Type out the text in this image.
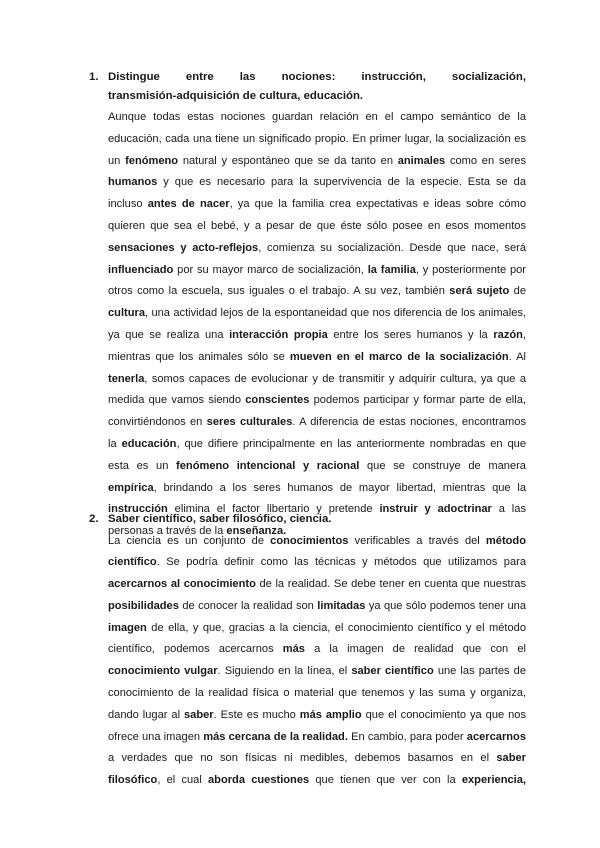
1. Distingue entre las nociones: instrucción, socialización,
transmisión-adquisición de cultura, educación.
Aunque todas estas nociones guardan relación en el campo semántico de la
educación, cada una tiene un significado propio. En primer lugar, la socialización es
un fenómeno natural y espontáneo que se da tanto en animales como en seres
humanos y que es necesario para la supervivencia de la especie. Esta se da
incluso antes de nacer, ya que la familia crea expectativas e ideas sobre cómo
quieren que sea el bebé, y a pesar de que éste sólo posee en esos momentos
sensaciones y acto-reflejos, comienza su socialización. Desde que nace, será
influenciado por su mayor marco de socialización, la familia, y posteriormente por
otros como la escuela, sus iguales o el trabajo. A su vez, también será sujeto de
cultura, una actividad lejos de la espontaneidad que nos diferencia de los animales,
ya que se realiza una interacción propia entre los seres humanos y la razón,
mientras que los animales sólo se mueven en el marco de la socialización. Al
tenerla, somos capaces de evolucionar y de transmitir y adquirir cultura, ya que a
medida que vamos siendo conscientes podemos participar y formar parte de ella,
convirtiéndonos en seres culturales. A diferencia de estas nociones, encontramos
la educación, que difiere principalmente en las anteriormente nombradas en que
esta es un fenómeno intencional y racional que se construye de manera
empírica, brindando a los seres humanos de mayor libertad, mientras que la
instrucción elimina el factor libertario y pretende instruir y adoctrinar a las
personas a través de la enseñanza.
2. Saber científico, saber filosófico, ciencia.
La ciencia es un conjunto de conocimientos verificables a través del método
científico. Se podría definir como las técnicas y métodos que utilizamos para
acercarnos al conocimiento de la realidad. Se debe tener en cuenta que nuestras
posibilidades de conocer la realidad son limitadas ya que sólo podemos tener una
imagen de ella, y que, gracias a la ciencia, el conocimiento científico y el método
científico, podemos acercarnos más a la imagen de realidad que con el
conocimiento vulgar. Siguiendo en la línea, el saber científico une las partes de
conocimiento de la realidad física o material que tenemos y las suma y organiza,
dando lugar al saber. Este es mucho más amplio que el conocimiento ya que nos
ofrece una imagen más cercana de la realidad. En cambio, para poder acercarnos
a verdades que no son físicas ni medibles, debemos basarnos en el saber
filosófico, el cual aborda cuestiones que tienen que ver con la experiencia,
